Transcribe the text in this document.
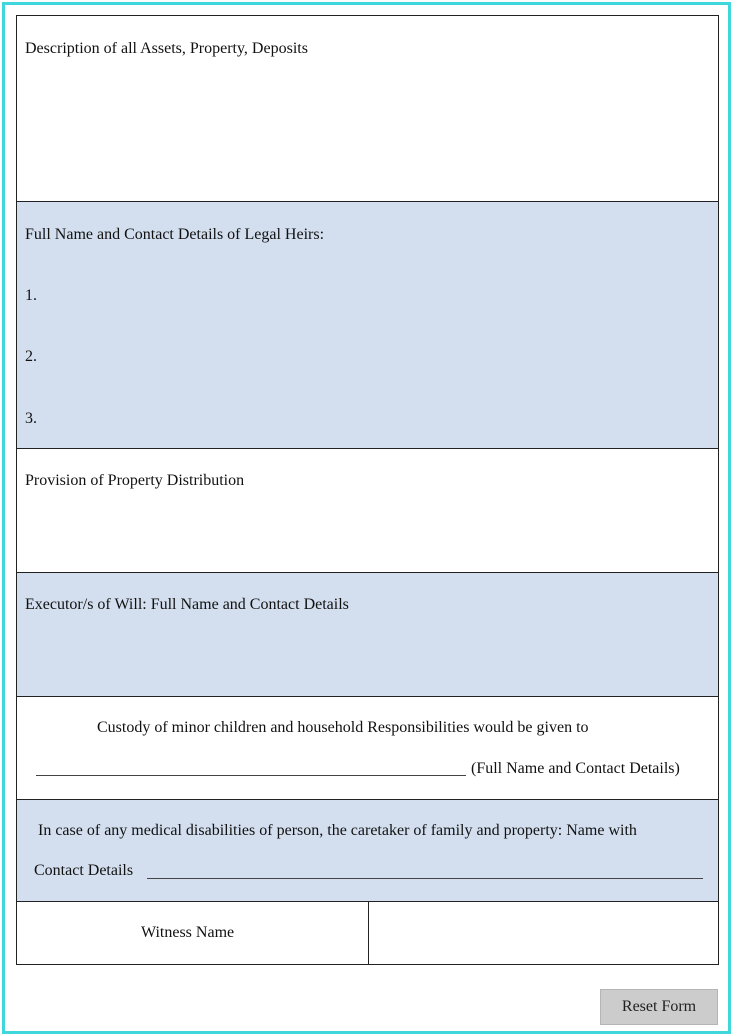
Description of all Assets, Property, Deposits
Full Name and Contact Details of Legal Heirs:
1.
2.
3.
Provision of Property Distribution
Executor/s of Will: Full Name and Contact Details
Custody of minor children and household Responsibilities would be given to
(Full Name and Contact Details)
In case of any medical disabilities of person, the caretaker of family and property: Name with
Contact Details
Witness Name
Reset Form
